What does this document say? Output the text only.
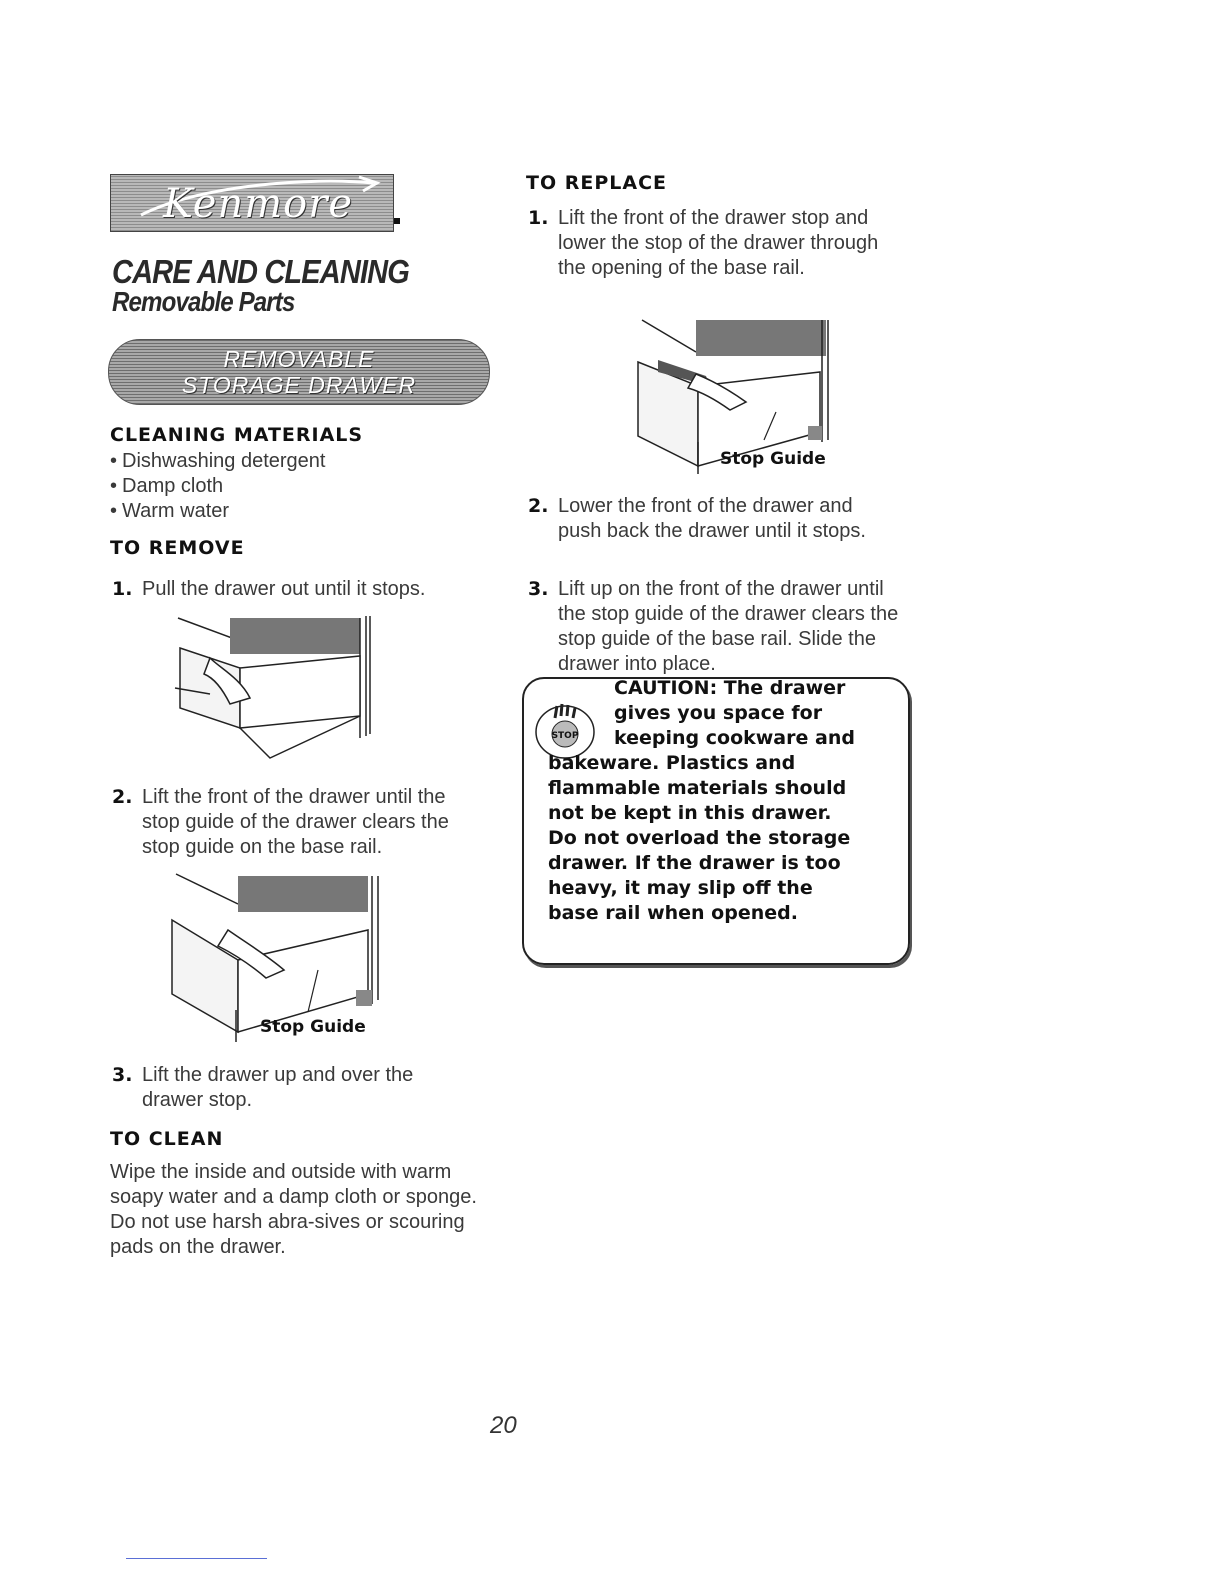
Kenmore
CARE AND CLEANING
Removable Parts
REMOVABLE
STORAGE DRAWER
CLEANING MATERIALS
• Dishwashing detergent
• Damp cloth
• Warm water
TO REMOVE
1. Pull the drawer out until it stops.
2. Lift the front of the drawer until the stop guide of the drawer clears the stop guide on the base rail.
Stop Guide
3. Lift the drawer up and over the drawer stop.
TO CLEAN
Wipe the inside and outside with warm soapy water and a damp cloth or sponge. Do not use harsh abra-sives or scouring pads on the drawer.
TO REPLACE
1. Lift the front of the drawer stop and lower the stop of the drawer through the opening of the base rail.
Stop Guide
2. Lower the front of the drawer and push back the drawer until it stops.
3. Lift up on the front of the drawer until the stop guide of the drawer clears the stop guide of the base rail. Slide the drawer into place.
STOP
CAUTION: The drawer
gives you space for
keeping cookware and
bakeware. Plastics and
flammable materials should
not be kept in this drawer.
Do not overload the storage
drawer. If the drawer is too
heavy, it may slip off the
base rail when opened.
20
